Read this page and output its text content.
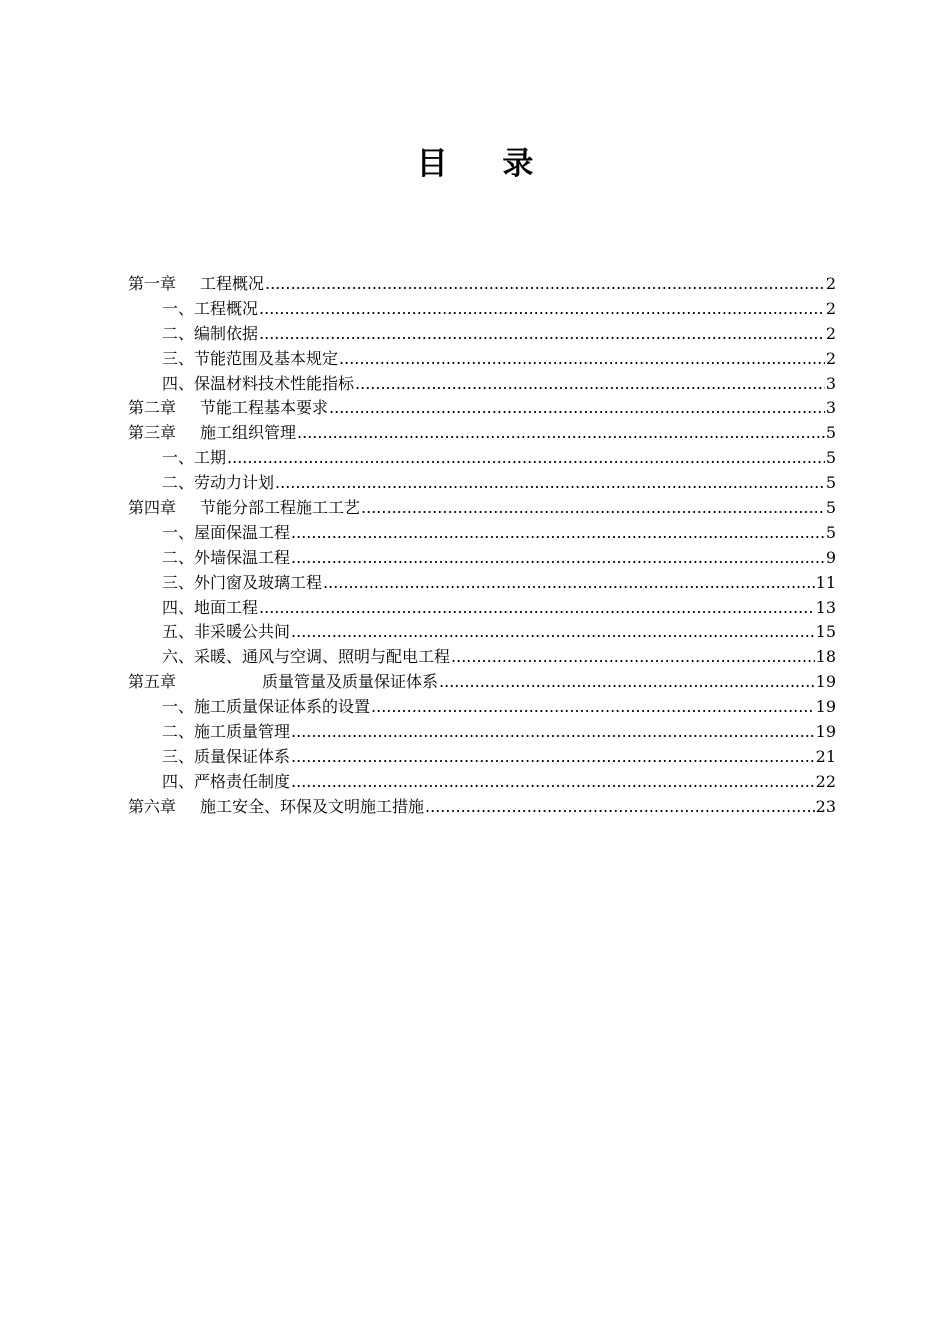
目 录
第一章 工程概况 .....	2
一、工程概况 .....	2
二、编制依据 .....	2
三、节能范围及基本规定 .....	2
四、保温材料技术性能指标 .....	3
第二章 节能工程基本要求 .....	3
第三章 施工组织管理 .....	5
一、工期 .....	5
二、劳动力计划 .....	5
第四章 节能分部工程施工工艺 .....	5
一、屋面保温工程 .....	5
二、外墙保温工程 .....	9
三、外门窗及玻璃工程 .....	11
四、地面工程 .....	13
五、非采暖公共间 .....	15
六、采暖、通风与空调、照明与配电工程 .....	18
第五章	质量管量及质量保证体系 .....	19
一、施工质量保证体系的设置 .....	19
二、施工质量管理 .....	19
三、质量保证体系 .....	21
四、严格责任制度 .....	22
第六章 施工安全、环保及文明施工措施 .....	23
